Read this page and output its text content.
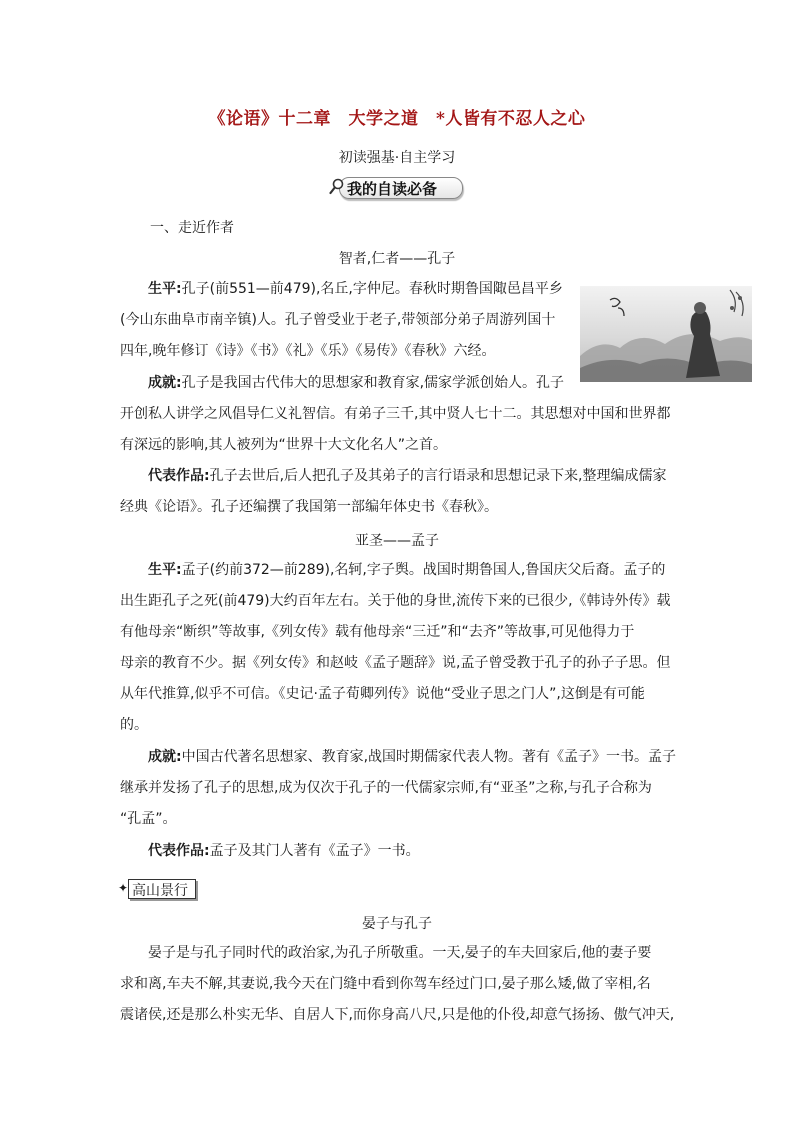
《论语》十二章　大学之道　*人皆有不忍人之心
初读强基·自主学习
我的自读必备
一、走近作者
智者,仁者——孔子
生平:孔子(前551—前479),名丘,字仲尼。春秋时期鲁国陬邑昌平乡
(今山东曲阜市南辛镇)人。孔子曾受业于老子,带领部分弟子周游列国十
四年,晚年修订《诗》《书》《礼》《乐》《易传》《春秋》六经。
成就:孔子是我国古代伟大的思想家和教育家,儒家学派创始人。孔子
开创私人讲学之风倡导仁义礼智信。有弟子三千,其中贤人七十二。其思想对中国和世界都
有深远的影响,其人被列为“世界十大文化名人”之首。
代表作品:孔子去世后,后人把孔子及其弟子的言行语录和思想记录下来,整理编成儒家
经典《论语》。孔子还编撰了我国第一部编年体史书《春秋》。
亚圣——孟子
生平:孟子(约前372—前289),名轲,字子舆。战国时期鲁国人,鲁国庆父后裔。孟子的
出生距孔子之死(前479)大约百年左右。关于他的身世,流传下来的已很少,《韩诗外传》载
有他母亲“断织”等故事,《列女传》载有他母亲“三迁”和“去齐”等故事,可见他得力于
母亲的教育不少。据《列女传》和赵岐《孟子题辞》说,孟子曾受教于孔子的孙子子思。但
从年代推算,似乎不可信。《史记·孟子荀卿列传》说他“受业子思之门人”,这倒是有可能
的。
成就:中国古代著名思想家、教育家,战国时期儒家代表人物。著有《孟子》一书。孟子
继承并发扬了孔子的思想,成为仅次于孔子的一代儒家宗师,有“亚圣”之称,与孔子合称为
“孔孟”。
代表作品:孟子及其门人著有《孟子》一书。
✦ 高山景行
晏子与孔子
晏子是与孔子同时代的政治家,为孔子所敬重。一天,晏子的车夫回家后,他的妻子要
求和离,车夫不解,其妻说,我今天在门缝中看到你驾车经过门口,晏子那么矮,做了宰相,名
震诸侯,还是那么朴实无华、自居人下,而你身高八尺,只是他的仆役,却意气扬扬、傲气冲天,
